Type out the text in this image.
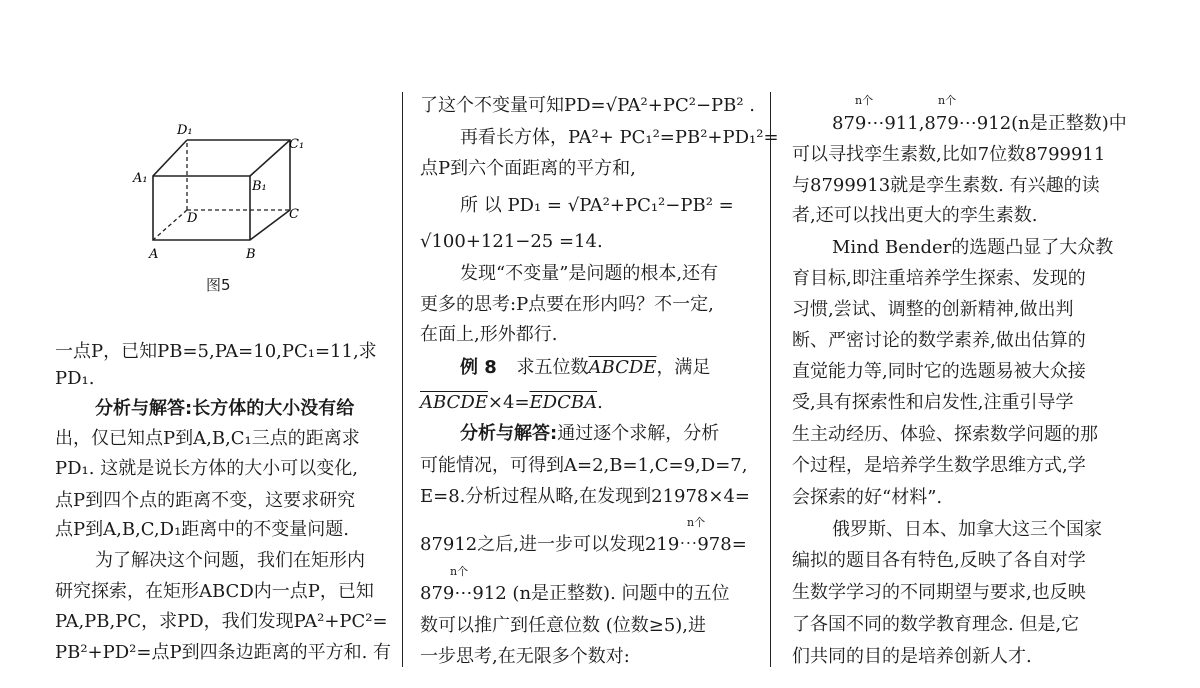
D₁
C₁
A₁
B₁
D	C
A	B
图5
一点P，已知PB=5,PA=10,PC₁=11,求
PD₁.
分析与解答:长方体的大小没有给
出，仅已知点P到A,B,C₁三点的距离求
PD₁. 这就是说长方体的大小可以变化,
点P到四个点的距离不变，这要求研究
点P到A,B,C,D₁距离中的不变量问题.
为了解决这个问题，我们在矩形内
研究探索，在矩形ABCD内一点P，已知
PA,PB,PC，求PD，我们发现PA²+PC²=
PB²+PD²=点P到四条边距离的平方和. 有
了这个不变量可知PD=√PA²+PC²−PB² .
再看长方体，PA²+ PC₁²=PB²+PD₁²=
点P到六个面距离的平方和,
所 以 PD₁ = √PA²+PC₁²−PB² =
√100+121−25 =14.
发现“不变量”是问题的根本,还有
更多的思考:P点要在形内吗？不一定,
在面上,形外都行.
例 8 求五位数ABCDE，满足
ABCDE×4=EDCBA.
分析与解答:通过逐个求解，分析
可能情况，可得到A=2,B=1,C=9,D=7,
E=8.分析过程从略,在发现到21978×4=
n个
87912之后,进一步可以发现219⋯978=
n个
879⋯912 (n是正整数). 问题中的五位
数可以推广到任意位数 (位数≥5),进
一步思考,在无限多个数对:
n个	n个
879⋯911,879⋯912(n是正整数)中
可以寻找孪生素数,比如7位数8799911
与8799913就是孪生素数. 有兴趣的读
者,还可以找出更大的孪生素数.
Mind Bender的选题凸显了大众教
育目标,即注重培养学生探索、发现的
习惯,尝试、调整的创新精神,做出判
断、严密讨论的数学素养,做出估算的
直觉能力等,同时它的选题易被大众接
受,具有探索性和启发性,注重引导学
生主动经历、体验、探索数学问题的那
个过程，是培养学生数学思维方式,学
会探索的好“材料”.
俄罗斯、日本、加拿大这三个国家
编拟的题目各有特色,反映了各自对学
生数学学习的不同期望与要求,也反映
了各国不同的数学教育理念. 但是,它
们共同的目的是培养创新人才.
